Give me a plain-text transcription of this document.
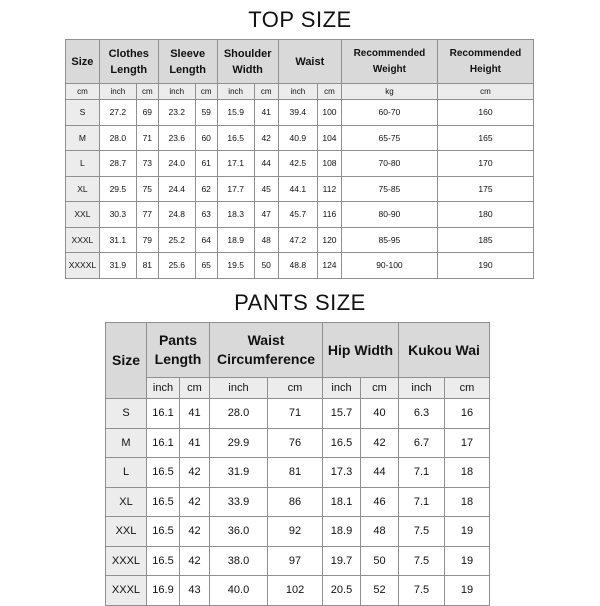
TOP SIZE
Size	Clothes Length		Sleeve Length		Shoulder Width		Waist		Recommended Weight	Recommended Height
cm	inch	cm	inch	cm	inch	cm	inch	cm	kg	cm
S	27.2	69	23.2	59	15.9	41	39.4	100	60-70	160
M	28.0	71	23.6	60	16.5	42	40.9	104	65-75	165
L	28.7	73	24.0	61	17.1	44	42.5	108	70-80	170
XL	29.5	75	24.4	62	17.7	45	44.1	112	75-85	175
XXL	30.3	77	24.8	63	18.3	47	45.7	116	80-90	180
XXXL	31.1	79	25.2	64	18.9	48	47.2	120	85-95	185
XXXXL	31.9	81	25.6	65	19.5	50	48.8	124	90-100	190
PANTS SIZE
Size	Pants Length		Waist Circumference		Hip Width		Kukou Wai	
	inch	cm	inch	cm	inch	cm	inch	cm
S	16.1	41	28.0	71	15.7	40	6.3	16
M	16.1	41	29.9	76	16.5	42	6.7	17
L	16.5	42	31.9	81	17.3	44	7.1	18
XL	16.5	42	33.9	86	18.1	46	7.1	18
XXL	16.5	42	36.0	92	18.9	48	7.5	19
XXXL	16.5	42	38.0	97	19.7	50	7.5	19
XXXL	16.9	43	40.0	102	20.5	52	7.5	19
